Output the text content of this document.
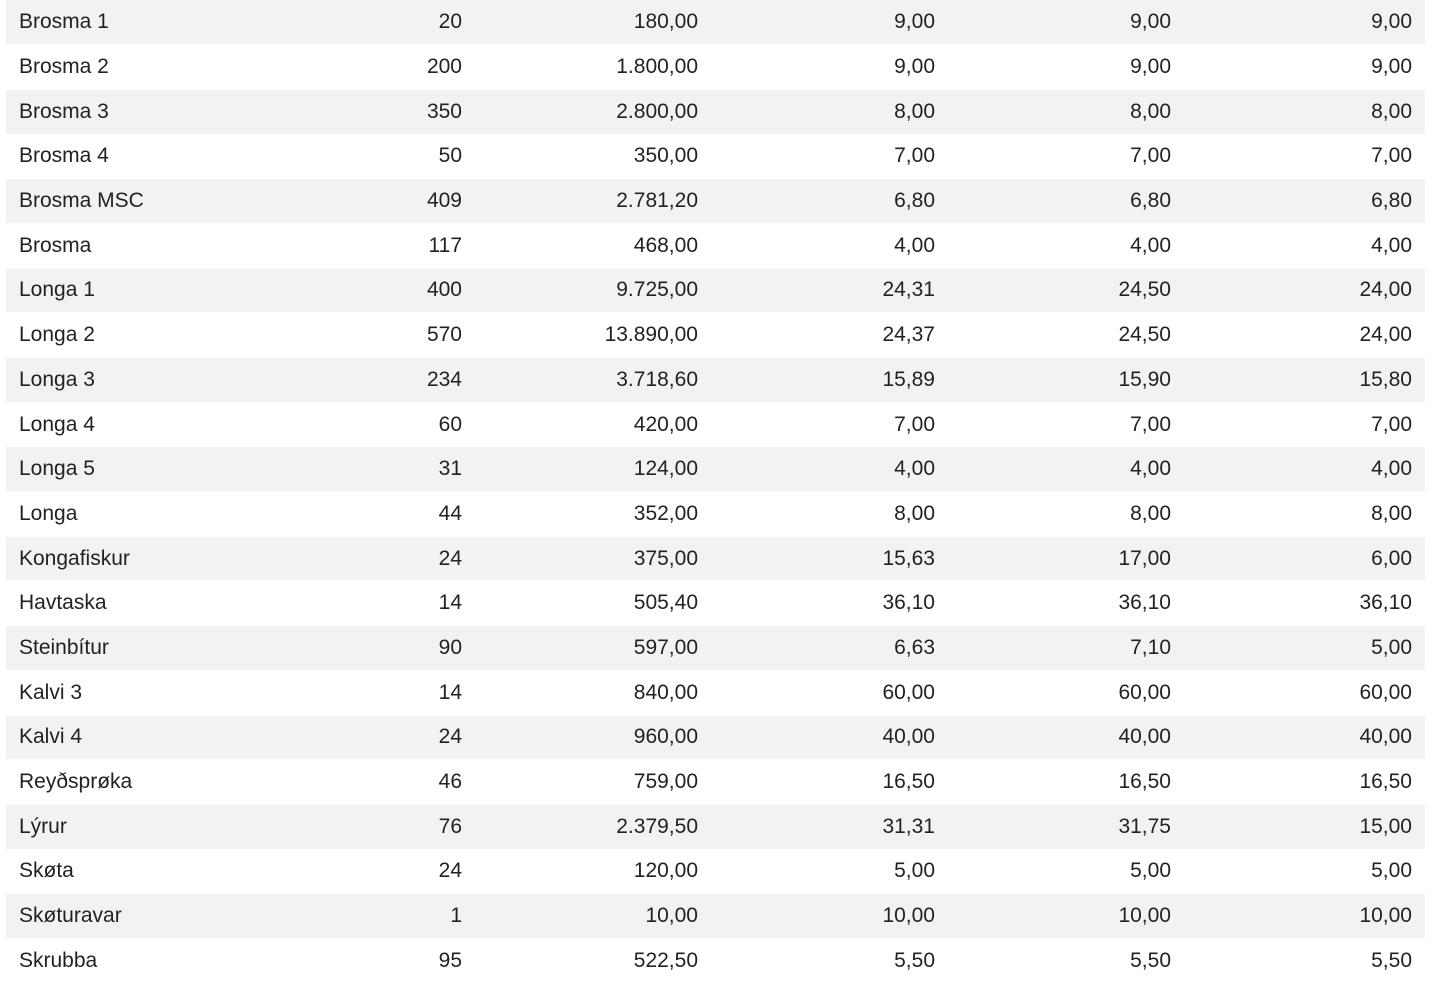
Brosma 1	20	180,00	9,00	9,00	9,00
Brosma 2	200	1.800,00	9,00	9,00	9,00
Brosma 3	350	2.800,00	8,00	8,00	8,00
Brosma 4	50	350,00	7,00	7,00	7,00
Brosma MSC	409	2.781,20	6,80	6,80	6,80
Brosma	117	468,00	4,00	4,00	4,00
Longa 1	400	9.725,00	24,31	24,50	24,00
Longa 2	570	13.890,00	24,37	24,50	24,00
Longa 3	234	3.718,60	15,89	15,90	15,80
Longa 4	60	420,00	7,00	7,00	7,00
Longa 5	31	124,00	4,00	4,00	4,00
Longa	44	352,00	8,00	8,00	8,00
Kongafiskur	24	375,00	15,63	17,00	6,00
Havtaska	14	505,40	36,10	36,10	36,10
Steinbítur	90	597,00	6,63	7,10	5,00
Kalvi 3	14	840,00	60,00	60,00	60,00
Kalvi 4	24	960,00	40,00	40,00	40,00
Reyðsprøka	46	759,00	16,50	16,50	16,50
Lýrur	76	2.379,50	31,31	31,75	15,00
Skøta	24	120,00	5,00	5,00	5,00
Skøturavar	1	10,00	10,00	10,00	10,00
Skrubba	95	522,50	5,50	5,50	5,50
